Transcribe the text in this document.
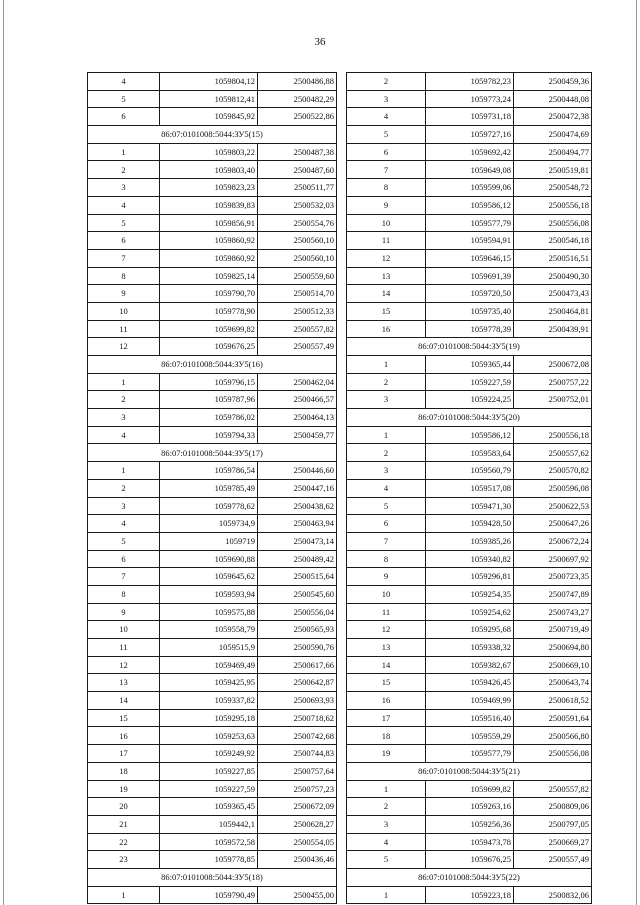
36
4	1059804,12	2500486,88
5	1059812,41	2500482,29
6	1059845,92	2500522,86
86:07:0101008:5044:ЗУ5(15)		
1	1059803,22	2500487,38
2	1059803,40	2500487,60
3	1059823,23	2500511,77
4	1059839,83	2500532,03
5	1059856,91	2500554,76
6	1059860,92	2500560,10
7	1059860,92	2500560,10
8	1059825,14	2500559,60
9	1059790,70	2500514,70
10	1059778,90	2500512,33
11	1059699,82	2500557,82
12	1059676,25	2500557,49
86:07:0101008:5044:ЗУ5(16)		
1	1059796,15	2500462,04
2	1059787,96	2500466,57
3	1059786,02	2500464,13
4	1059794,33	2500459,77
86:07:0101008:5044:ЗУ5(17)		
1	1059786,54	2500446,60
2	1059785,49	2500447,16
3	1059778,62	2500438,62
4	1059734,9	2500463,94
5	1059719	2500473,14
6	1059690,88	2500489,42
7	1059645,62	2500515,64
8	1059593,94	2500545,60
9	1059575,88	2500556,04
10	1059558,79	2500565,93
11	1059515,9	2500590,76
12	1059469,49	2500617,66
13	1059425,95	2500642,87
14	1059337,82	2500693,93
15	1059295,18	2500718,62
16	1059253,63	2500742,68
17	1059249,92	2500744,83
18	1059227,85	2500757,64
19	1059227,59	2500757,23
20	1059365,45	2500672,09
21	1059442,1	2500628,27
22	1059572,58	2500554,05
23	1059778,85	2500436,46
86:07:0101008:5044:ЗУ5(18)		
1	1059790,49	2500455,00
2	1059782,23	2500459,36
3	1059773,24	2500448,08
4	1059731,18	2500472,38
5	1059727,16	2500474,69
6	1059692,42	2500494,77
7	1059649,08	2500519,81
8	1059599,06	2500548,72
9	1059586,12	2500556,18
10	1059577,79	2500556,08
11	1059594,91	2500546,18
12	1059646,15	2500516,51
13	1059691,39	2500490,30
14	1059720,50	2500473,43
15	1059735,40	2500464,81
16	1059778,39	2500439,91
86:07:0101008:5044:ЗУ5(19)		
1	1059365,44	2500672,08
2	1059227,59	2500757,22
3	1059224,25	2500752,01
86:07:0101008:5044:ЗУ5(20)		
1	1059586,12	2500556,18
2	1059583,64	2500557,62
3	1059560,79	2500570,82
4	1059517,08	2500596,08
5	1059471,30	2500622,53
6	1059428,50	2500647,26
7	1059385,26	2500672,24
8	1059340,82	2500697,92
9	1059296,81	2500723,35
10	1059254,35	2500747,89
11	1059254,62	2500743,27
12	1059295,68	2500719,49
13	1059338,32	2500694,80
14	1059382,67	2500669,10
15	1059426,45	2500643,74
16	1059469,99	2500618,52
17	1059516,40	2500591,64
18	1059559,29	2500566,80
19	1059577,79	2500556,08
86:07:0101008:5044:ЗУ5(21)		
1	1059699,82	2500557,82
2	1059263,16	2500809,06
3	1059256,36	2500797,05
4	1059473,78	2500669,27
5	1059676,25	2500557,49
86:07:0101008:5044:ЗУ5(22)		
1	1059223,18	2500832,06
